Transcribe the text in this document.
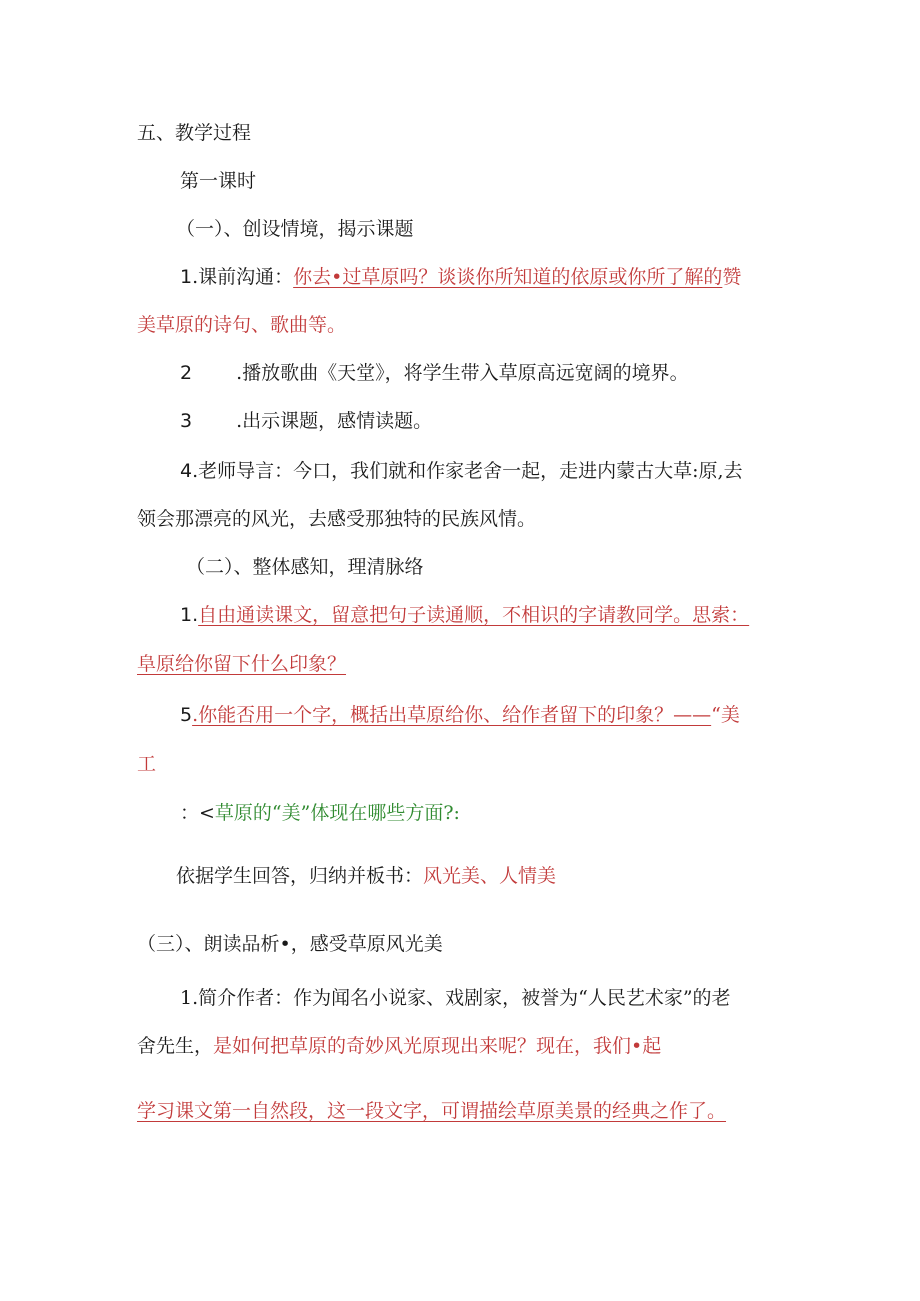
五、教学过程
第一课时
（一）、创设情境，揭示课题
1.课前沟通：你去•过草原吗？谈谈你所知道的依原或你所了解的赞
美草原的诗句、歌曲等。
2 .播放歌曲《天堂》，将学生带入草原高远宽阔的境界。
3 .出示课题，感情读题。
4.老师导言：今口，我们就和作家老舍一起，走进内蒙古大草:原,去
领会那漂亮的风光，去感受那独特的民族风情。
（二）、整体感知，理清脉络
1.自由通读课文，留意把句子读通顺，不相识的字请教同学。思索：
阜原给你留下什么印象？
5.你能否用一个字，概括出草原给你、给作者留下的印象？——“美
工
：<草原的“美”体现在哪些方面?:
依据学生回答，归纳并板书：风光美、人情美
（三）、朗读品析•，感受草原风光美
1.简介作者：作为闻名小说家、戏剧家，被誉为“人民艺术家”的老
舍先生，是如何把草原的奇妙风光原现出来呢？现在，我们•起
学习课文第一自然段，这一段文字，可谓描绘草原美景的经典之作了。
